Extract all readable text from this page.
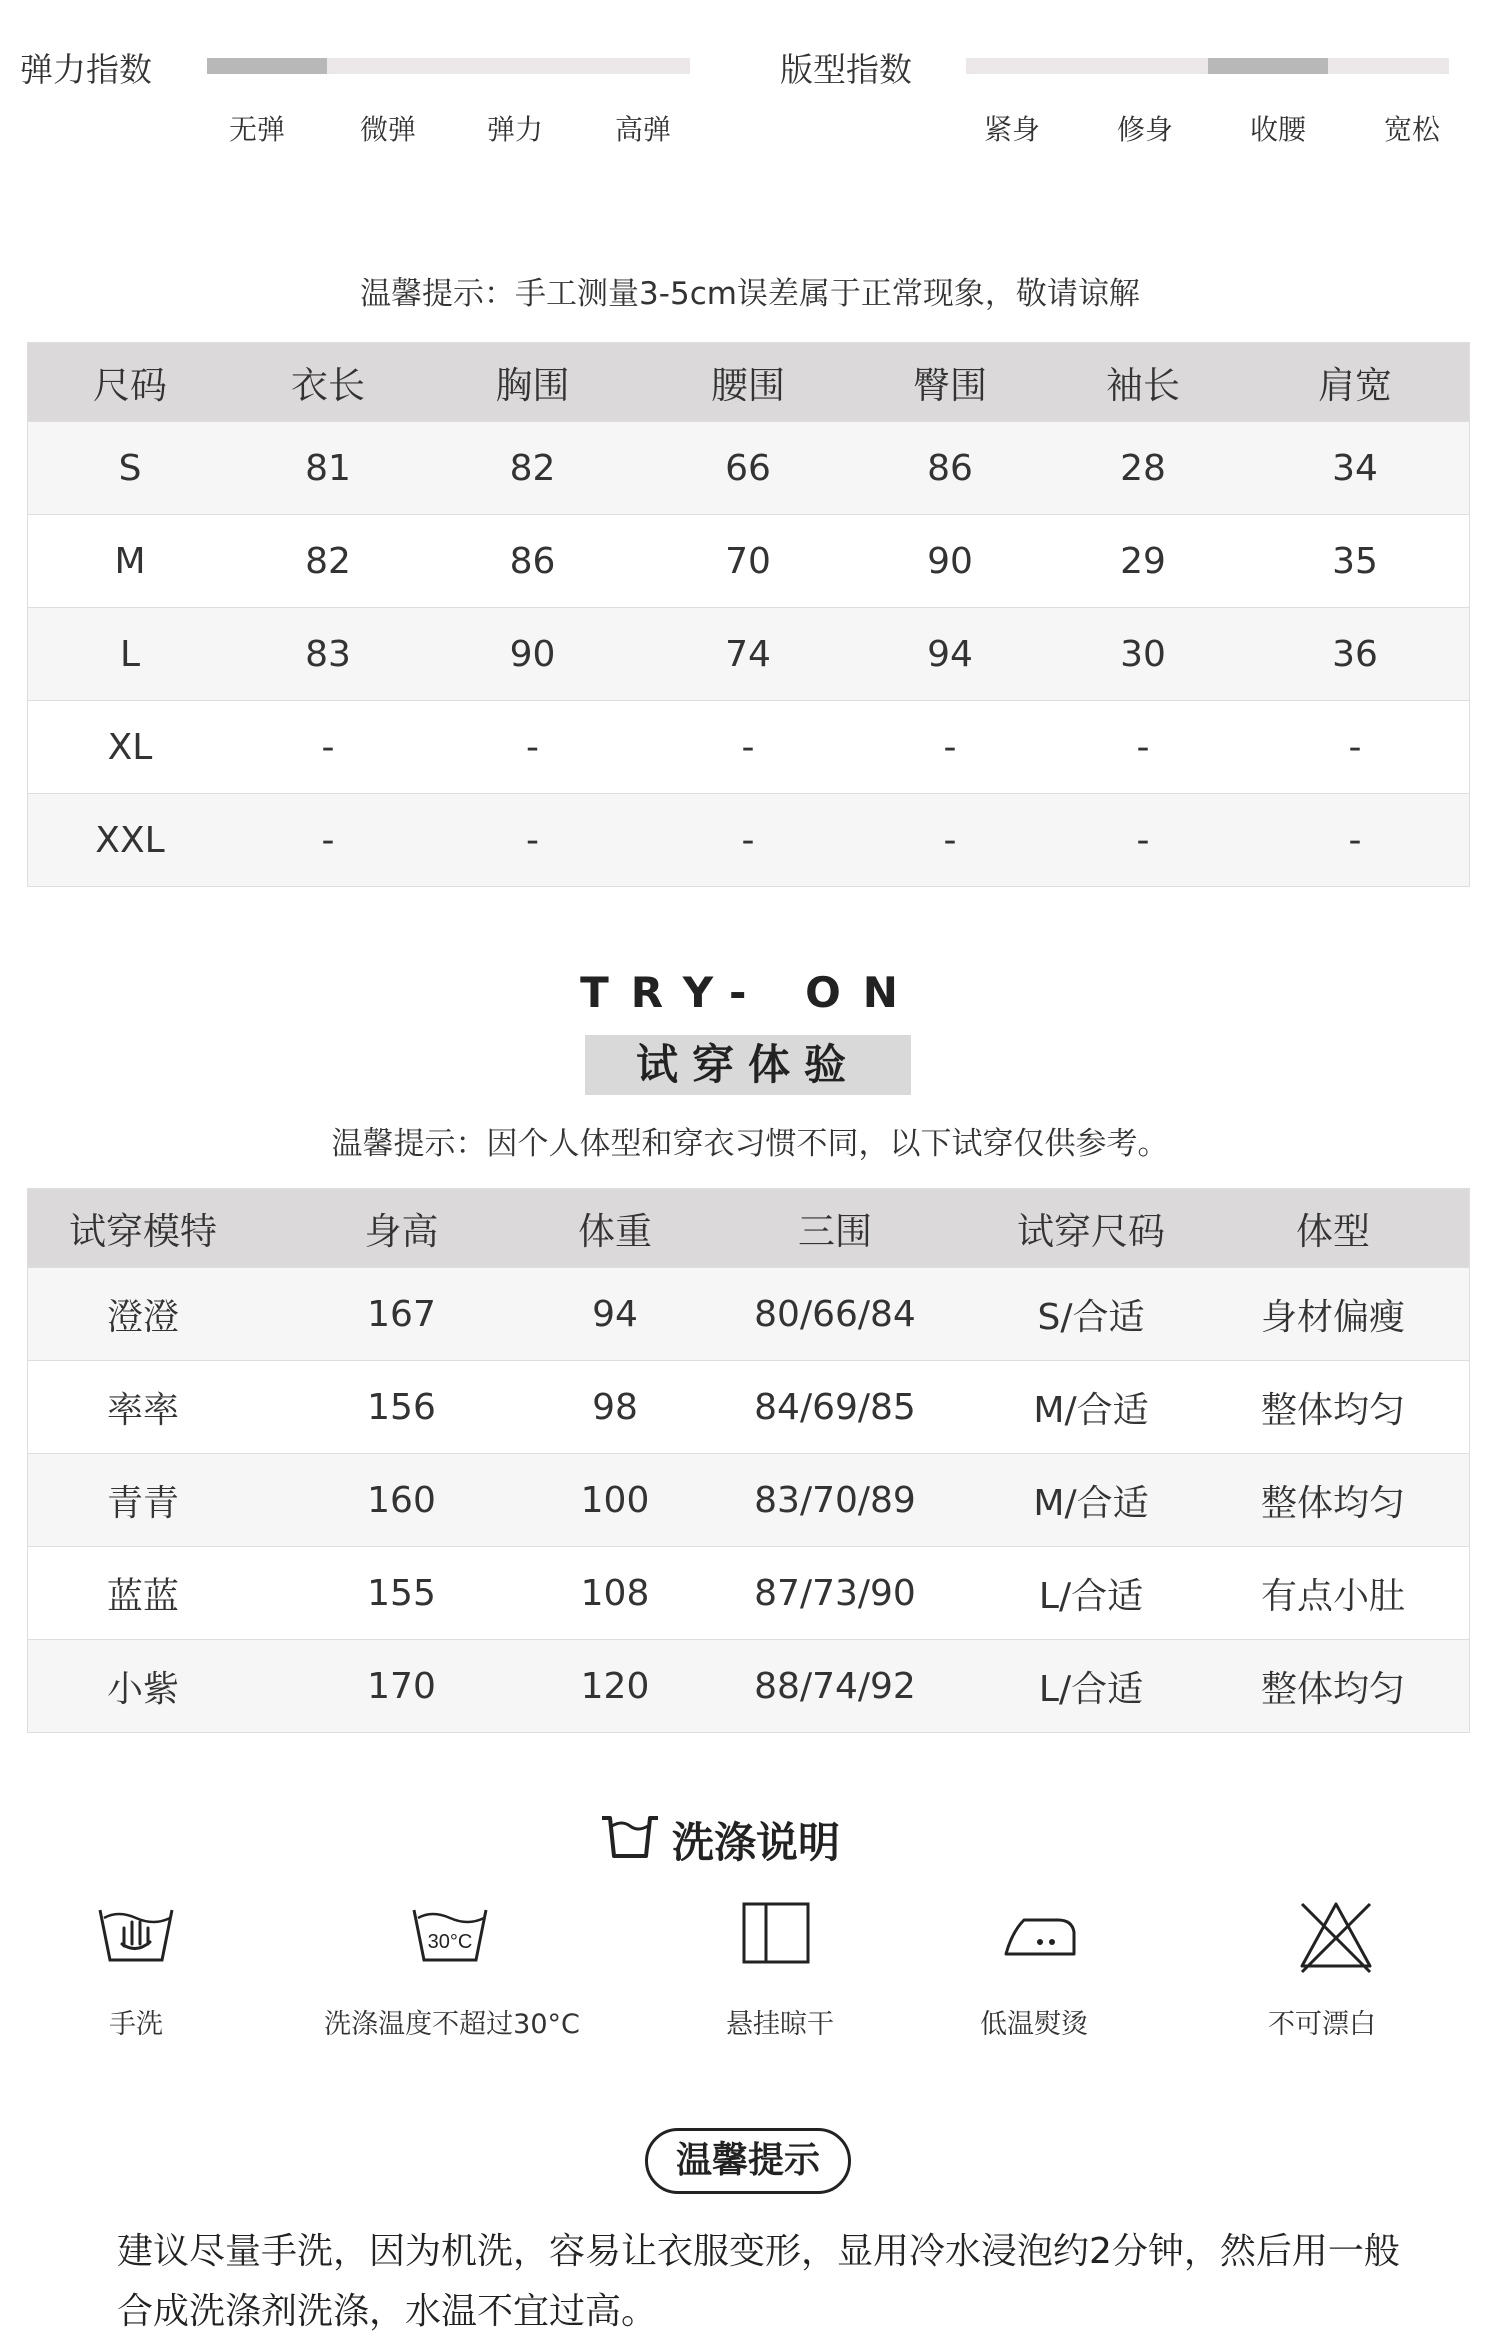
弹力指数
无弹	微弹	弹力	高弹
版型指数
紧身	修身	收腰	宽松
温馨提示：手工测量3-5cm误差属于正常现象，敬请谅解
尺码	衣长	胸围	腰围	臀围	袖长	肩宽
S	81	82	66	86	28	34
M	82	86	70	90	29	35
L	83	90	74	94	30	36
XL	-	-	-	-	-	-
XXL	-	-	-	-	-	-
TRY- ON
试穿体验
温馨提示：因个人体型和穿衣习惯不同，以下试穿仅供参考。
试穿模特	身高	体重	三围	试穿尺码	体型
澄澄	167	94	80/66/84	S/合适	身材偏瘦
率率	156	98	84/69/85	M/合适	整体均匀
青青	160	100	83/70/89	M/合适	整体均匀
蓝蓝	155	108	87/73/90	L/合适	有点小肚
小紫	170	120	88/74/92	L/合适	整体均匀
洗涤说明
30°C
手洗	洗涤温度不超过30°C	悬挂晾干	低温熨烫	不可漂白
温馨提示
建议尽量手洗，因为机洗，容易让衣服变形，显用冷水浸泡约2分钟，然后用一般合成洗涤剂洗涤，水温不宜过高。
